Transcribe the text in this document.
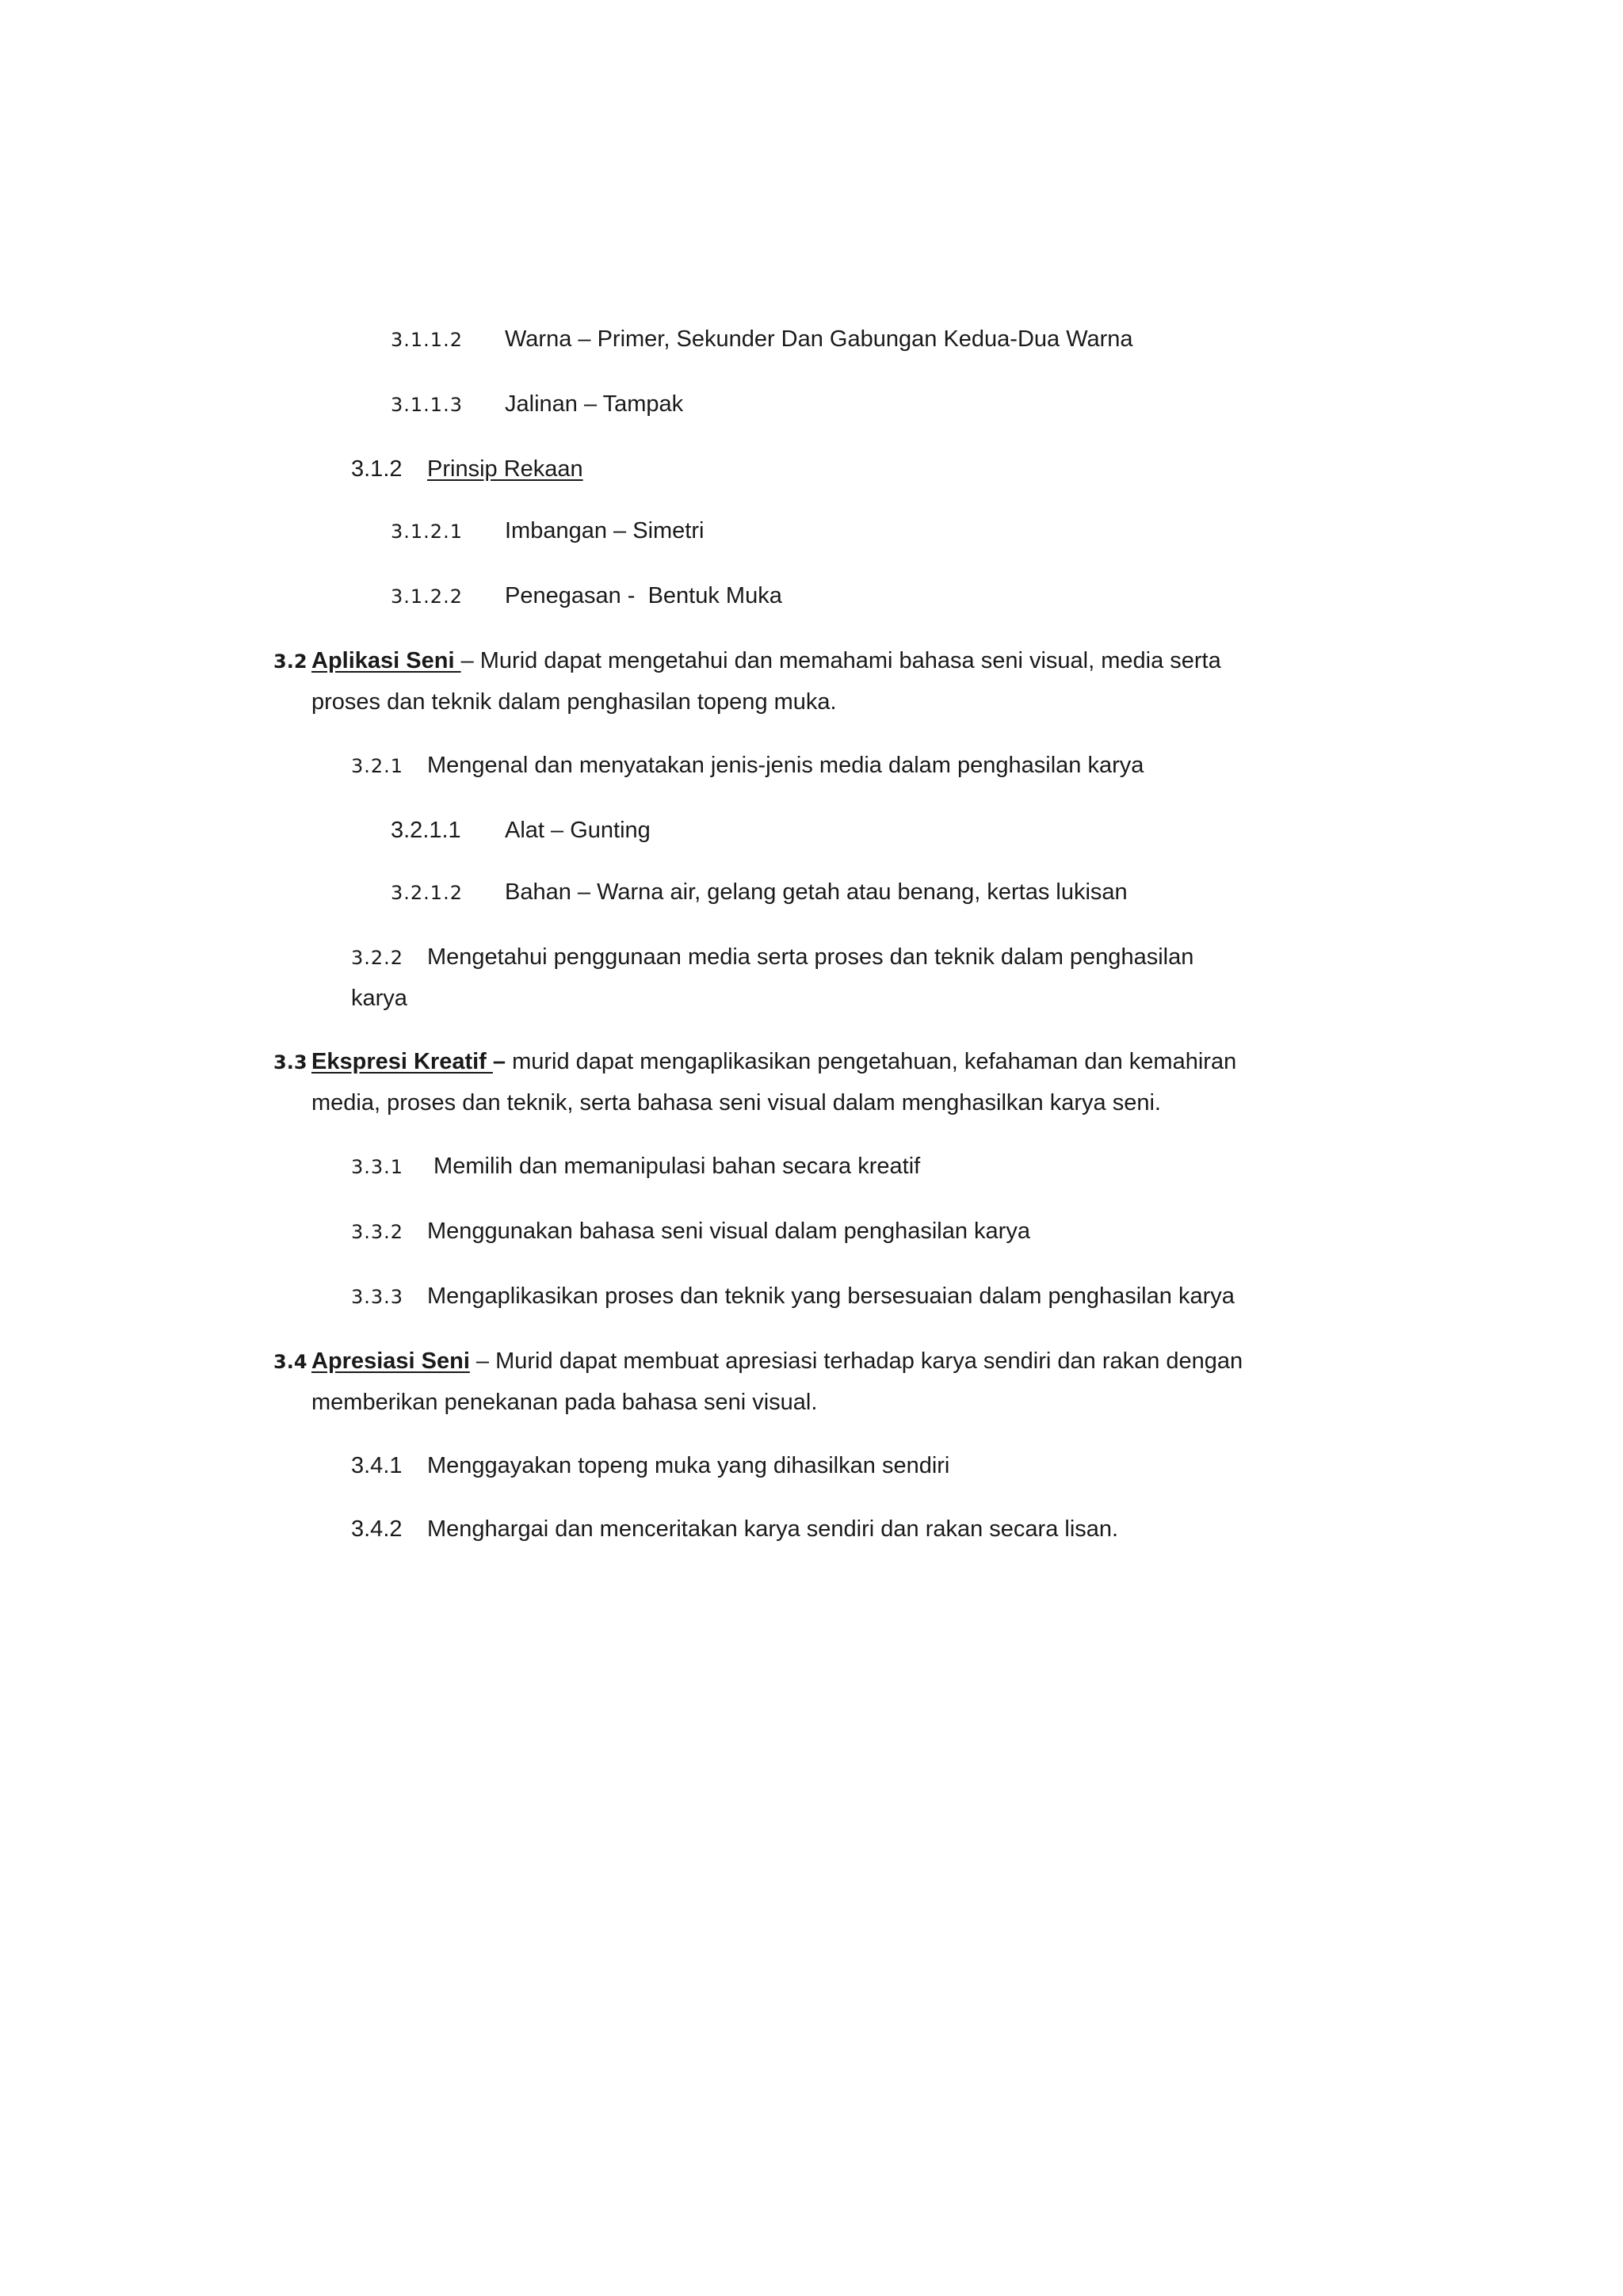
3.1.1.2 Warna – Primer, Sekunder Dan Gabungan Kedua-Dua Warna
3.1.1.3 Jalinan – Tampak
3.1.2 Prinsip Rekaan
3.1.2.1 Imbangan – Simetri
3.1.2.2 Penegasan -  Bentuk Muka
3.2 Aplikasi Seni – Murid dapat mengetahui dan memahami bahasa seni visual, media serta
proses dan teknik dalam penghasilan topeng muka.
3.2.1 Mengenal dan menyatakan jenis-jenis media dalam penghasilan karya
3.2.1.1 Alat – Gunting
3.2.1.2 Bahan – Warna air, gelang getah atau benang, kertas lukisan
3.2.2 Mengetahui penggunaan media serta proses dan teknik dalam penghasilan
karya
3.3 Ekspresi Kreatif – murid dapat mengaplikasikan pengetahuan, kefahaman dan kemahiran
media, proses dan teknik, serta bahasa seni visual dalam menghasilkan karya seni.
3.3.1 Memilih dan memanipulasi bahan secara kreatif
3.3.2 Menggunakan bahasa seni visual dalam penghasilan karya
3.3.3 Mengaplikasikan proses dan teknik yang bersesuaian dalam penghasilan karya
3.4 Apresiasi Seni – Murid dapat membuat apresiasi terhadap karya sendiri dan rakan dengan
memberikan penekanan pada bahasa seni visual.
3.4.1 Menggayakan topeng muka yang dihasilkan sendiri
3.4.2 Menghargai dan menceritakan karya sendiri dan rakan secara lisan.
